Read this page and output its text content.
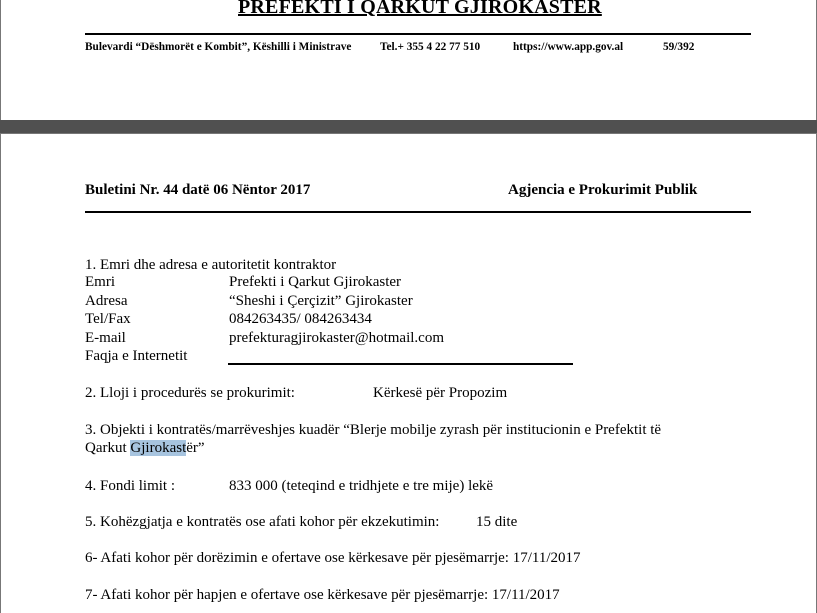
PREFEKTI I QARKUT GJIROKASTER
Bulevardi “Dëshmorët e Kombit”, Këshilli i Ministrave	Tel.+ 355 4 22 77 510	https://www.app.gov.al	59/392
Buletini Nr. 44 datë 06 Nëntor 2017	Agjencia e Prokurimit Publik
1. Emri dhe adresa e autoritetit kontraktor
Emri	Prefekti i Qarkut Gjirokaster
Adresa	“Sheshi i Çerçizit” Gjirokaster
Tel/Fax	084263435/ 084263434
E-mail	prefekturagjirokaster@hotmail.com
Faqja e Internetit
2. Lloji i procedurës se prokurimit:	Kërkesë për Propozim
3. Objekti i kontratës/marrëveshjes kuadër “Blerje mobilje zyrash për institucionin e Prefektit të
Qarkut Gjirokastër”
4. Fondi limit :	833 000 (teteqind e tridhjete e tre mije) lekë
5. Kohëzgjatja e kontratës ose afati kohor për ekzekutimin: 15 dite
6- Afati kohor për dorëzimin e ofertave ose kërkesave për pjesëmarrje: 17/11/2017
7- Afati kohor për hapjen e ofertave ose kërkesave për pjesëmarrje: 17/11/2017
